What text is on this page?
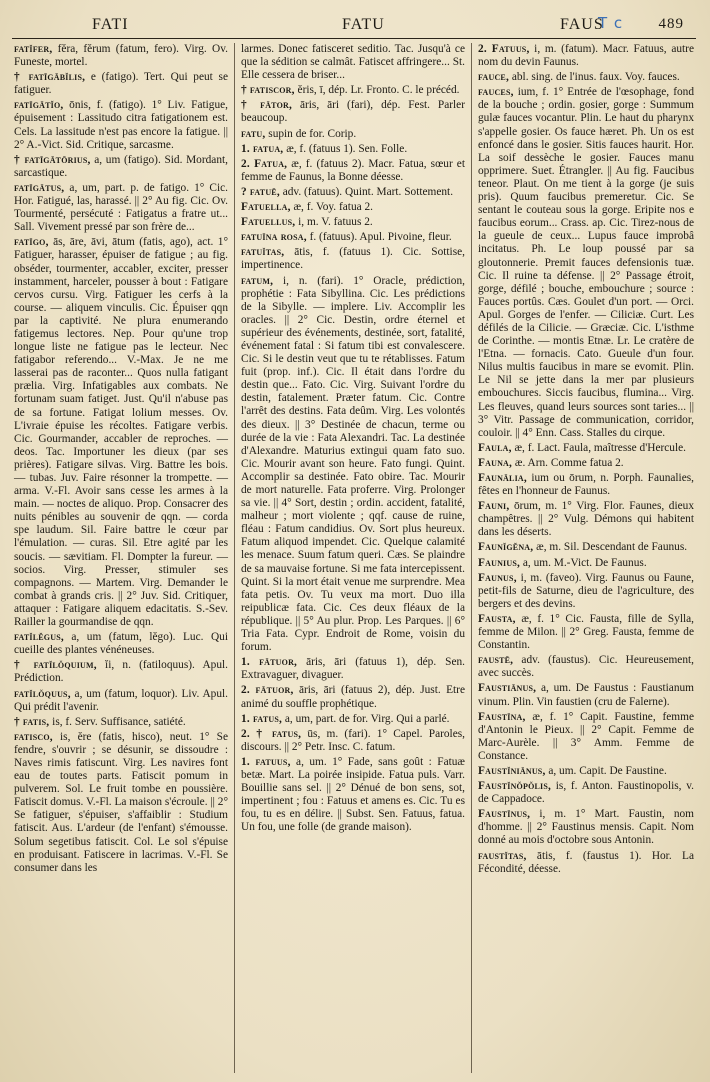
FATI	FATU	FAUS
T c 489

fatĭfer, fĕra, fĕrum (fatum, fero). Virg. Ov. Funeste, mortel.

† fatīgābĭlis, e (fatigo). Tert. Qui peut se fatiguer.

fatīgātĭo, ōnis, f. (fatigo). 1° Liv. Fatigue, épuisement : Lassitudo citra fatigationem est. Cels. La lassitude n'est pas encore la fatigue. || 2° A.-Vict. Sid. Critique, sarcasme.

† fatīgātōrius, a, um (fatigo). Sid. Mordant, sarcastique.

fatīgātus, a, um, part. p. de fatigo. 1° Cic. Hor. Fatigué, las, harassé. || 2° Au fig. Cic. Ov. Tourmenté, persécuté : Fatigatus a fratre ut... Sall. Vivement pressé par son frère de...

fatīgo, ās, āre, āvi, ātum (fatis, ago), act. 1° Fatiguer, harasser, épuiser de fatigue ; au fig. obséder, tourmenter, accabler, exciter, presser instamment, harceler, pousser à bout : Fatigare cervos cursu. Virg. Fatiguer les cerfs à la course. — aliquem vinculis. Cic. Épuiser qqn par la captivité. Ne plura enumerando fatigemus lectores. Nep. Pour qu'une trop longue liste ne fatigue pas le lecteur. Nec fatigabor referendo... V.-Max. Je ne me lasserai pas de raconter... Quos nulla fatigant prælia. Virg. Infatigables aux combats. Ne fortunam suam fatiget. Just. Qu'il n'abuse pas de sa fortune. Fatigat lolium messes. Ov. L'ivraie épuise les récoltes. Fatigare verbis. Cic. Gourmander, accabler de reproches. — deos. Tac. Importuner les dieux (par ses prières). Fatigare silvas. Virg. Battre les bois. — tubas. Juv. Faire résonner la trompette. — arma. V.-Fl. Avoir sans cesse les armes à la main. — noctes de aliquo. Prop. Consacrer des nuits pénibles au souvenir de qqn. — corda spe laudum. Sil. Faire battre le cœur par l'émulation. — curas. Sil. Etre agité par les soucis. — sævitiam. Fl. Dompter la fureur. — socios. Virg. Presser, stimuler ses compagnons. — Martem. Virg. Demander le combat à grands cris. || 2° Juv. Sid. Critiquer, attaquer : Fatigare aliquem edacitatis. S.-Sev. Railler la gourmandise de qqn.

fatĭlĕgus, a, um (fatum, lĕgo). Luc. Qui cueille des plantes vénéneuses.

† fatĭlŏquium, ĭi, n. (fatiloquus). Apul. Prédiction.

fatĭlŏquus, a, um (fatum, loquor). Liv. Apul. Qui prédit l'avenir.

† fatis, is, f. Serv. Suffisance, satiété.

fatisco, is, ĕre (fatis, hisco), neut. 1° Se fendre, s'ouvrir ; se désunir, se dissoudre : Naves rimis fatiscunt. Virg. Les navires font eau de toutes parts. Fatiscit pomum in pulverem. Sol. Le fruit tombe en poussière. Fatiscit domus. V.-Fl. La maison s'écroule. || 2° Se fatiguer, s'épuiser, s'affaiblir : Studium fatiscit. Aus. L'ardeur (de l'enfant) s'émousse. Solum segetibus fatiscit. Col. Le sol s'épuise en produisant. Fatiscere in lacrimas. V.-Fl. Se consumer dans les

larmes. Donec fatisceret seditio. Tac. Jusqu'à ce que la sédition se calmât. Fatiscet affringere... St. Elle cessera de briser...

† fatiscor, ĕris, ī, dép. Lr. Fronto. C. le précéd.

† fātor, āris, āri (fari), dép. Fest. Parler beaucoup.

fatu, supin de for. Corip.

1. fatua, æ, f. (fatuus 1). Sen. Folle.

2. Fatua, æ, f. (fatuus 2). Macr. Fatua, sœur et femme de Faunus, la Bonne déesse.

? fatuē, adv. (fatuus). Quint. Mart. Sottement.

Fatuella, æ, f. Voy. fatua 2.

Fatuellus, i, m. V. fatuus 2.

fatuīna rosa, f. (fatuus). Apul. Pivoine, fleur.

fatuĭtas, ātis, f. (fatuus 1). Cic. Sottise, impertinence.

fatum, i, n. (fari). 1° Oracle, prédiction, prophétie : Fata Sibyllina. Cic. Les prédictions de la Sibylle. — implere. Liv. Accomplir les oracles. || 2° Cic. Destin, ordre éternel et supérieur des événements, destinée, sort, fatalité, événement fatal : Si fatum tibi est convalescere. Cic. Si le destin veut que tu te rétablisses. Fatum fuit (prop. inf.). Cic. Il était dans l'ordre du destin que... Fato. Cic. Virg. Suivant l'ordre du destin, fatalement. Præter fatum. Cic. Contre l'arrêt des destins. Fata deûm. Virg. Les volontés des dieux. || 3° Destinée de chacun, terme ou durée de la vie : Fata Alexandri. Tac. La destinée d'Alexandre. Maturius extingui quam fato suo. Cic. Mourir avant son heure. Fato fungi. Quint. Accomplir sa destinée. Fato obire. Tac. Mourir de mort naturelle. Fata proferre. Virg. Prolonger sa vie. || 4° Sort, destin ; ordin. accident, fatalité, malheur ; mort violente ; qqf. cause de ruine, fléau : Fatum candidius. Ov. Sort plus heureux. Fatum aliquod impendet. Cic. Quelque calamité les menace. Suum fatum queri. Cæs. Se plaindre de sa mauvaise fortune. Si me fata intercepissent. Quint. Si la mort était venue me surprendre. Mea fata petis. Ov. Tu veux ma mort. Duo illa reipublicæ fata. Cic. Ces deux fléaux de la république. || 5° Au plur. Prop. Les Parques. || 6° Tria Fata. Cypr. Endroit de Rome, voisin du forum.

1. fātuor, āris, āri (fatuus 1), dép. Sen. Extravaguer, divaguer.

2. fātuor, āris, āri (fatuus 2), dép. Just. Etre animé du souffle prophétique.

1. fatus, a, um, part. de for. Virg. Qui a parlé.

2. † fatus, ūs, m. (fari). 1° Capel. Paroles, discours. || 2° Petr. Insc. C. fatum.

1. fatuus, a, um. 1° Fade, sans goût : Fatuæ betæ. Mart. La poirée insipide. Fatua puls. Varr. Bouillie sans sel. || 2° Dénué de bon sens, sot, impertinent ; fou : Fatuus et amens es. Cic. Tu es fou, tu es en délire. || Subst. Sen. Fatuus, fatua. Un fou, une folle (de grande maison).

2. Fatuus, i, m. (fatum). Macr. Fatuus, autre nom du devin Faunus.

fauce, abl. sing. de l'inus. faux. Voy. fauces.

fauces, ium, f. 1° Entrée de l'œsophage, fond de la bouche ; ordin. gosier, gorge : Summum gulæ fauces vocantur. Plin. Le haut du pharynx s'appelle gosier. Os fauce hæret. Ph. Un os est enfoncé dans le gosier. Sitis fauces haurit. Hor. La soif dessèche le gosier. Fauces manu opprimere. Suet. Étrangler. || Au fig. Faucibus teneor. Plaut. On me tient à la gorge (je suis pris). Quum faucibus premeretur. Cic. Se sentant le couteau sous la gorge. Eripite nos e faucibus eorum... Crass. ap. Cic. Tirez-nous de la gueule de ceux... Lupus fauce improbâ incitatus. Ph. Le loup poussé par sa gloutonnerie. Premit fauces defensionis tuæ. Cic. Il ruine ta défense. || 2° Passage étroit, gorge, défilé ; bouche, embouchure ; source : Fauces portûs. Cæs. Goulet d'un port. — Orci. Apul. Gorges de l'enfer. — Ciliciæ. Curt. Les défilés de la Cilicie. — Græciæ. Cic. L'isthme de Corinthe. — montis Etnæ. Lr. Le cratère de l'Etna. — fornacis. Cato. Gueule d'un four. Nilus multis faucibus in mare se evomit. Plin. Le Nil se jette dans la mer par plusieurs embouchures. Siccis faucibus, flumina... Virg. Les fleuves, quand leurs sources sont taries... || 3° Vitr. Passage de communication, corridor, couloir. || 4° Enn. Cass. Stalles du cirque.

Faula, æ, f. Lact. Faula, maîtresse d'Hercule.

Fauna, æ. Arn. Comme fatua 2.

Faunālia, ium ou ōrum, n. Porph. Faunalies, fêtes en l'honneur de Faunus.

Fauni, ōrum, m. 1° Virg. Flor. Faunes, dieux champêtres. || 2° Vulg. Démons qui habitent dans les déserts.

Faunĭgĕna, æ, m. Sil. Descendant de Faunus.

Faunius, a, um. M.-Vict. De Faunus.

Faunus, i, m. (faveo). Virg. Faunus ou Faune, petit-fils de Saturne, dieu de l'agriculture, des bergers et des devins.

Fausta, æ, f. 1° Cic. Fausta, fille de Sylla, femme de Milon. || 2° Greg. Fausta, femme de Constantin.

faustē, adv. (faustus). Cic. Heureusement, avec succès.

Faustiānus, a, um. De Faustus : Faustianum vinum. Plin. Vin faustien (cru de Falerne).

Faustīna, æ, f. 1° Capit. Faustine, femme d'Antonin le Pieux. || 2° Capit. Femme de Marc-Aurèle. || 3° Amm. Femme de Constance.

Faustĭniānus, a, um. Capit. De Faustine.

Faustĭnŏpŏlis, is, f. Anton. Faustinopolis, v. de Cappadoce.

Faustīnus, i, m. 1° Mart. Faustin, nom d'homme. || 2° Faustinus mensis. Capit. Nom donné au mois d'octobre sous Antonin.

faustĭtas, ātis, f. (faustus 1). Hor. La Fécondité, déesse.
